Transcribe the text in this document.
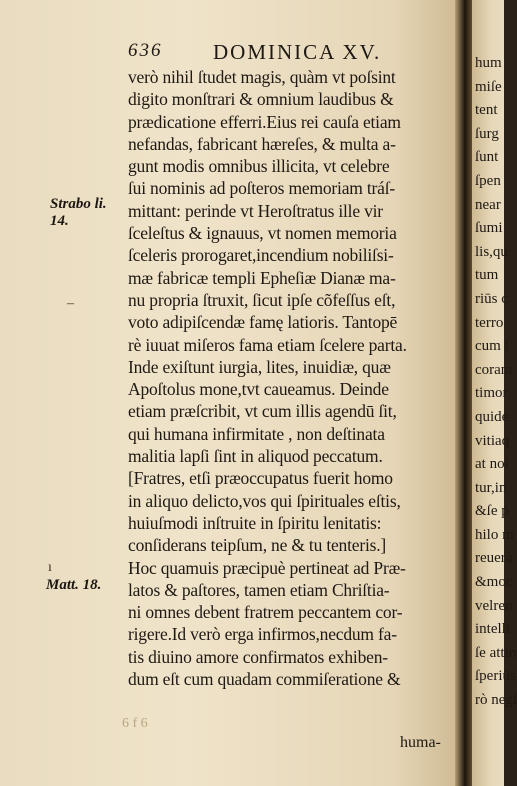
636 DOMINICA XV.
Strabo li.
14.
Matt. 18.
–
ı
verò nihil ſtudet magis, quàm vt poſsint
digito monſtrari & omnium laudibus &
prædicatione efferri.Eius rei cauſa etiam
nefandas, fabricant hæreſes, & multa a-
gunt modis omnibus illicita, vt celebre
ſui nominis ad poſteros memoriam tráſ-
mittant: perinde vt Heroſtratus ille vir
ſceleſtus & ignauus, vt nomen memoria
ſceleris prorogaret,incendium nobiliſsi-
mæ fabricæ templi Epheſiæ Dianæ ma-
nu propria ſtruxit, ſicut ipſe cõfeſſus eſt,
voto adipiſcendæ famę latioris. Tantopē
rè iuuat miſeros fama etiam ſcelere parta.
Inde exiſtunt iurgia, lites, inuidiæ, quæ
Apoſtolus mone,tvt caueamus. Deinde
etiam præſcribit, vt cum illis agendū ſit,
qui humana infirmitate , non deſtinata
malitia lapſi ſint in aliquod peccatum.
[Fratres, etſi præoccupatus fuerit homo
in aliquo delicto,vos qui ſpirituales eſtis,
huiuſmodi inſtruite in ſpiritu lenitatis:
conſiderans teipſum, ne & tu tenteris.]
Hoc quamuis præcipuè pertineat ad Præ-
latos & paſtores, tamen etiam Chriſtia-
ni omnes debent fratrem peccantem cor-
rigere.Id verò erga infirmos,necdum fa-
tis diuino amore confirmatos exhiben-
dum eſt cum quadam commiſeratione &
huma-
6 f 6
hum
miſe
tent
ſurg
ſunt
ſpen
near
ſumi
lis,qu
tum
riūs c
terro
cum ſ
coram
timor
quide
vitiaq
at noi
tur,in
&ſe p
hilo m
reuerà
&moc
velren
intelli
ſe attin
ſperiūs
rò negl
